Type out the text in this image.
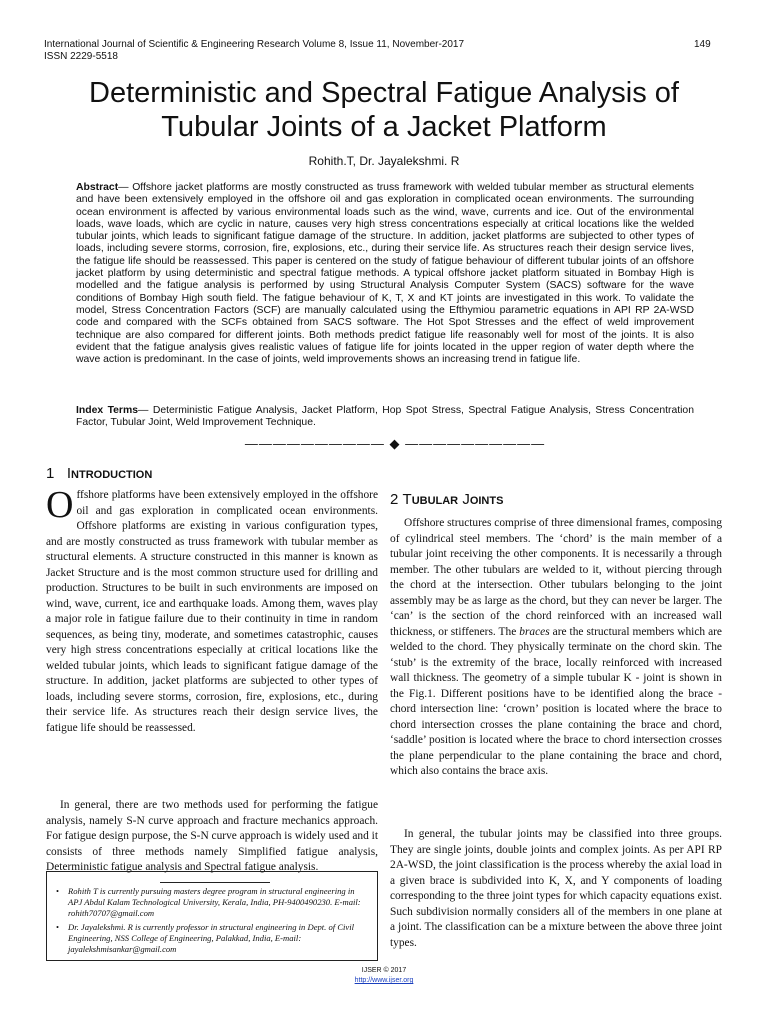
International Journal of Scientific & Engineering Research Volume 8, Issue 11, November-2017
ISSN 2229-5518
149
Deterministic and Spectral Fatigue Analysis of Tubular Joints of a Jacket Platform
Rohith.T, Dr. Jayalekshmi. R
Abstract— Offshore jacket platforms are mostly constructed as truss framework with welded tubular member as structural elements and have been extensively employed in the offshore oil and gas exploration in complicated ocean environments. The surrounding ocean environment is affected by various environmental loads such as the wind, wave, currents and ice. Out of the environmental loads, wave loads, which are cyclic in nature, causes very high stress concentrations especially at critical locations like the welded tubular joints, which leads to significant fatigue damage of the structure. In addition, jacket platforms are subjected to other types of loads, including severe storms, corrosion, fire, explosions, etc., during their service life. As structures reach their design service lives, the fatigue life should be reassessed. This paper is centered on the study of fatigue behaviour of different tubular joints of an offshore jacket platform by using deterministic and spectral fatigue methods. A typical offshore jacket platform situated in Bombay High is modelled and the fatigue analysis is performed by using Structural Analysis Computer System (SACS) software for the wave conditions of Bombay High south field. The fatigue behaviour of K, T, X and KT joints are investigated in this work. To validate the model, Stress Concentration Factors (SCF) are manually calculated using the Efthymiou parametric equations in API RP 2A-WSD code and compared with the SCFs obtained from SACS software. The Hot Spot Stresses and the effect of weld improvement technique are also compared for different joints. Both methods predict fatigue life reasonably well for most of the joints. It is also evident that the fatigue analysis gives realistic values of fatigue life for joints located in the upper region of water depth where the wave action is predominant. In the case of joints, weld improvements shows an increasing trend in fatigue life.
Index Terms— Deterministic Fatigue Analysis, Jacket Platform, Hop Spot Stress, Spectral Fatigue Analysis, Stress Concentration Factor, Tubular Joint, Weld Improvement Technique.
—————————— ◆ ——————————
1 INTRODUCTION
Offshore platforms have been extensively employed in the offshore oil and gas exploration in complicated ocean environments. Offshore platforms are existing in various configuration types, and are mostly constructed as truss framework with tubular member as structural elements. A structure constructed in this manner is known as Jacket Structure and is the most common structure used for drilling and production. Structures to be built in such environments are imposed on wind, wave, current, ice and earthquake loads. Among them, waves play a major role in fatigue failure due to their continuity in time in random sequences, as being tiny, moderate, and sometimes catastrophic, causes very high stress concentrations especially at critical locations like the welded tubular joints, which leads to significant fatigue damage of the structure. In addition, jacket platforms are subjected to other types of loads, including severe storms, corrosion, fire, explosions, etc., during their service life. As structures reach their design service lives, the fatigue life should be reassessed.
In general, there are two methods used for performing the fatigue analysis, namely S-N curve approach and fracture mechanics approach. For fatigue design purpose, the S-N curve approach is widely used and it consists of three methods namely Simplified fatigue analysis, Deterministic fatigue analysis and Spectral fatigue analysis.
2 TUBULAR JOINTS
Offshore structures comprise of three dimensional frames, composing of cylindrical steel members. The ‘chord’ is the main member of a tubular joint receiving the other components. It is necessarily a through member. The other tubulars are welded to it, without piercing through the chord at the intersection. Other tubulars belonging to the joint assembly may be as large as the chord, but they can never be larger. The ‘can’ is the section of the chord reinforced with an increased wall thickness, or stiffeners. The braces are the structural members which are welded to the chord. They physically terminate on the chord skin. The ‘stub’ is the extremity of the brace, locally reinforced with increased wall thickness. The geometry of a simple tubular K - joint is shown in the Fig.1. Different positions have to be identified along the brace - chord intersection line: ‘crown’ position is located where the brace to chord intersection crosses the plane containing the brace and chord, ‘saddle’ position is located where the brace to chord intersection crosses the plane perpendicular to the plane containing the brace and chord, which also contains the brace axis.
In general, the tubular joints may be classified into three groups. They are single joints, double joints and complex joints. As per API RP 2A-WSD, the joint classification is the process whereby the axial load in a given brace is subdivided into K, X, and Y components of loading corresponding to the three joint types for which capacity equations exist. Such subdivision normally considers all of the members in one plane at a joint. The classification can be a mixture between the above three joint types.
• Rohith T is currently pursuing masters degree program in structural engineering in APJ Abdul Kalam Technological University, Kerala, India, PH-9400490230. E-mail: rohith70707@gmail.com
• Dr. Jayalekshmi. R is currently professor in structural engineering in Dept. of Civil Engineering, NSS College of Engineering, Palakkad, India, E-mail: jayalekshmisankar@gmail.com
IJSER © 2017
http://www.ijser.org
